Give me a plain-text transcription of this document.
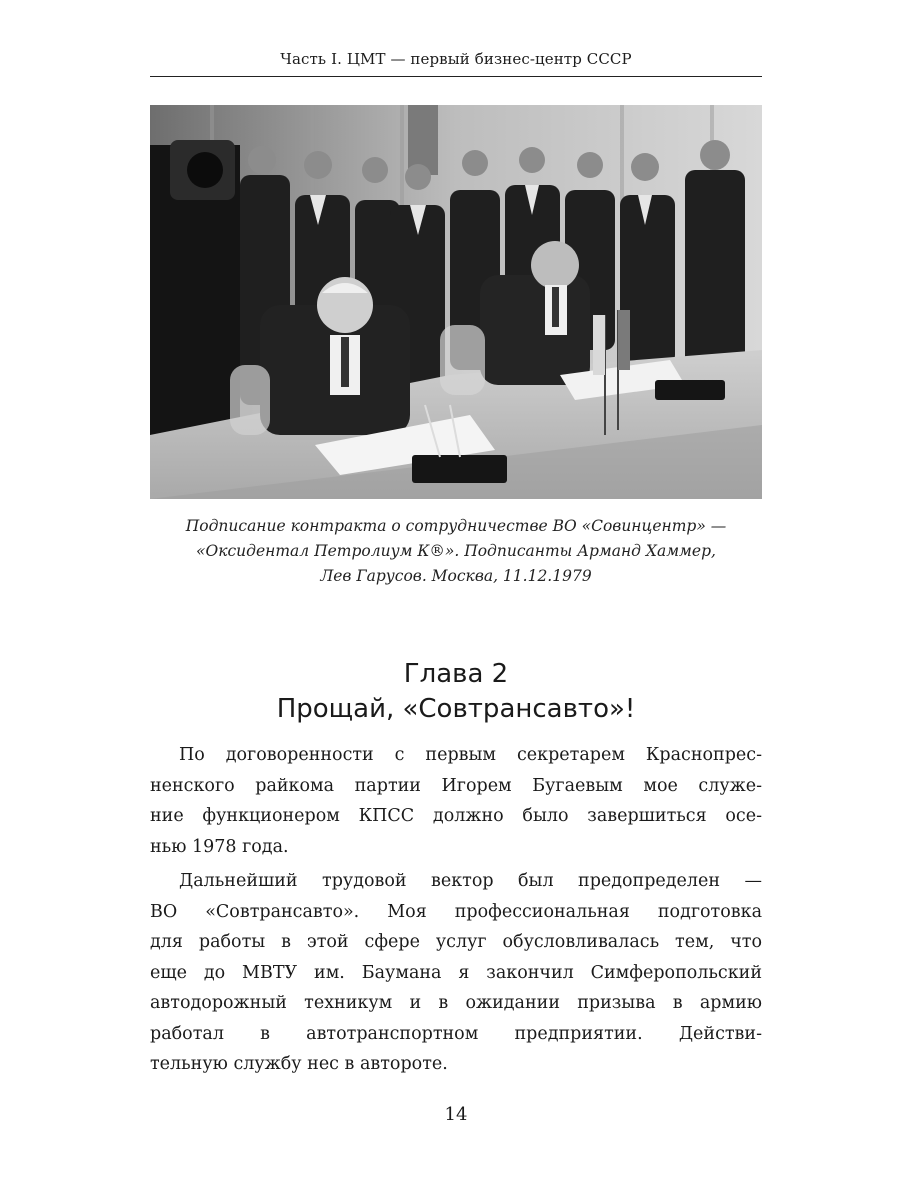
Часть I. ЦМТ — первый бизнес-центр СССР
Подписание контракта о сотрудничестве ВО «Совинцентр» —
«Оксидентал Петролиум К®». Подписанты Арманд Хаммер,
Лев Гарусов. Москва, 11.12.1979
Глава 2
Прощай, «Совтрансавто»!
По договоренности с первым секретарем Краснопрес-
ненского райкома партии Игорем Бугаевым мое служе-
ние функционером КПСС должно было завершиться осе-
нью 1978 года.
Дальнейший трудовой вектор был предопределен —
ВО «Совтрансавто». Моя профессиональная подготовка
для работы в этой сфере услуг обусловливалась тем, что
еще до МВТУ им. Баумана я закончил Симферопольский
автодорожный техникум и в ожидании призыва в армию
работал в автотранспортном предприятии. Действи-
тельную службу нес в автороте.
14
